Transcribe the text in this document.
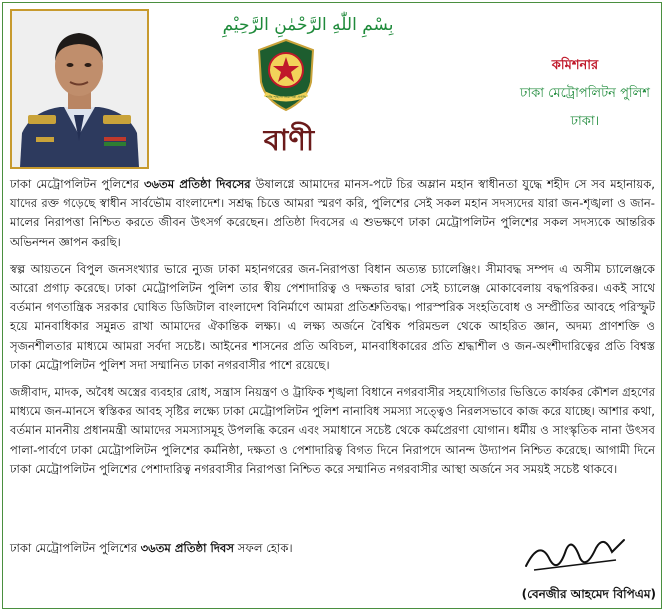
بِسْمِ اللّٰهِ الرَّحْمٰنِ الرَّحِيْمِ
শান্তি শৃঙ্খলা নিরাপত্তা প্রগতি
বাণী
কমিশনার
ঢাকা মেট্রোপলিটন পুলিশ
ঢাকা।

ঢাকা মেট্রোপলিটন পুলিশের ৩৬তম প্রতিষ্ঠা দিবসের উষালগ্নে আমাদের মানস-পটে চির অম্লান মহান স্বাধীনতা যুদ্ধে শহীদ সে সব মহানায়ক, যাদের রক্ত গড়েছে স্বাধীন সার্বভৌম বাংলাদেশ। সশ্রদ্ধ চিত্তে আমরা স্মরণ করি, পুলিশের সেই সকল মহান সদস্যদের যারা জন-শৃঙ্খলা ও জান-মালের নিরাপত্তা নিশ্চিত করতে জীবন উৎসর্গ করেছেন। প্রতিষ্ঠা দিবসের এ শুভক্ষণে ঢাকা মেট্রোপলিটন পুলিশের সকল সদস্যকে আন্তরিক অভিনন্দন জ্ঞাপন করছি।

স্বল্প আয়তনে বিপুল জনসংখ্যার ভারে ন্যুজ ঢাকা মহানগরের জন-নিরাপত্তা বিধান অত্যন্ত চ্যালেঞ্জিং। সীমাবদ্ধ সম্পদ এ অসীম চ্যালেঞ্জকে আরো প্রগাঢ় করেছে। ঢাকা মেট্রোপলিটন পুলিশ তার স্বীয় পেশাদারিত্ব ও দক্ষতার দ্বারা সেই চ্যালেঞ্জ মোকাবেলায় বদ্ধপরিকর। একই সাথে বর্তমান গণতান্ত্রিক সরকার ঘোষিত ডিজিটাল বাংলাদেশ বিনির্মাণে আমরা প্রতিশ্রুতিবদ্ধ। পারস্পরিক সংহতিবোধ ও সম্প্রীতির আবহে পরিস্ফুট হয়ে মানবাধিকার সমুন্নত রাখা আমাদের ঐকান্তিক লক্ষ্য। এ লক্ষ্য অর্জনে বৈশ্বিক পরিমন্ডল থেকে আহরিত জ্ঞান, অদম্য প্রাণশক্তি ও সৃজনশীলতার মাধ্যমে আমরা সর্বদা সচেষ্ট। আইনের শাসনের প্রতি অবিচল, মানবাধিকারের প্রতি শ্রদ্ধাশীল ও জন-অংশীদারিত্বের প্রতি বিশ্বস্ত ঢাকা মেট্রোপলিটন পুলিশ সদা সম্মানিত ঢাকা নগরবাসীর পাশে রয়েছে।

জঙ্গীবাদ, মাদক, অবৈধ অস্ত্রের ব্যবহার রোধ, সন্ত্রাস নিয়ন্ত্রণ ও ট্রাফিক শৃঙ্খলা বিধানে নগরবাসীর সহযোগিতার ভিত্তিতে কার্যকর কৌশল গ্রহণের মাধ্যমে জন-মানসে স্বস্তিকর আবহ সৃষ্টির লক্ষ্যে ঢাকা মেট্রোপলিটন পুলিশ নানাবিধ সমস্যা সত্ত্বেও নিরলসভাবে কাজ করে যাচ্ছে। আশার কথা, বর্তমান মাননীয় প্রধানমন্ত্রী আমাদের সমস্যাসমূহ উপলব্ধি করেন এবং সমাধানে সচেষ্ট থেকে কর্মপ্রেরণা যোগান। ধর্মীয় ও সাংস্কৃতিক নানা উৎসব পালা-পার্বণে ঢাকা মেট্রোপলিটন পুলিশের কর্মনিষ্ঠা, দক্ষতা ও পেশাদারিত্ব বিগত দিনে নিরাপদে আনন্দ উদ্যাপন নিশ্চিত করেছে। আগামী দিনে ঢাকা মেট্রোপলিটন পুলিশের পেশাদারিত্ব নগরবাসীর নিরাপত্তা নিশ্চিত করে সম্মানিত নগরবাসীর আস্থা অর্জনে সব সময়ই সচেষ্ট থাকবে।

ঢাকা মেট্রোপলিটন পুলিশের ৩৬তম প্রতিষ্ঠা দিবস সফল হোক।
(বেনজীর আহমেদ বিপিএম)
